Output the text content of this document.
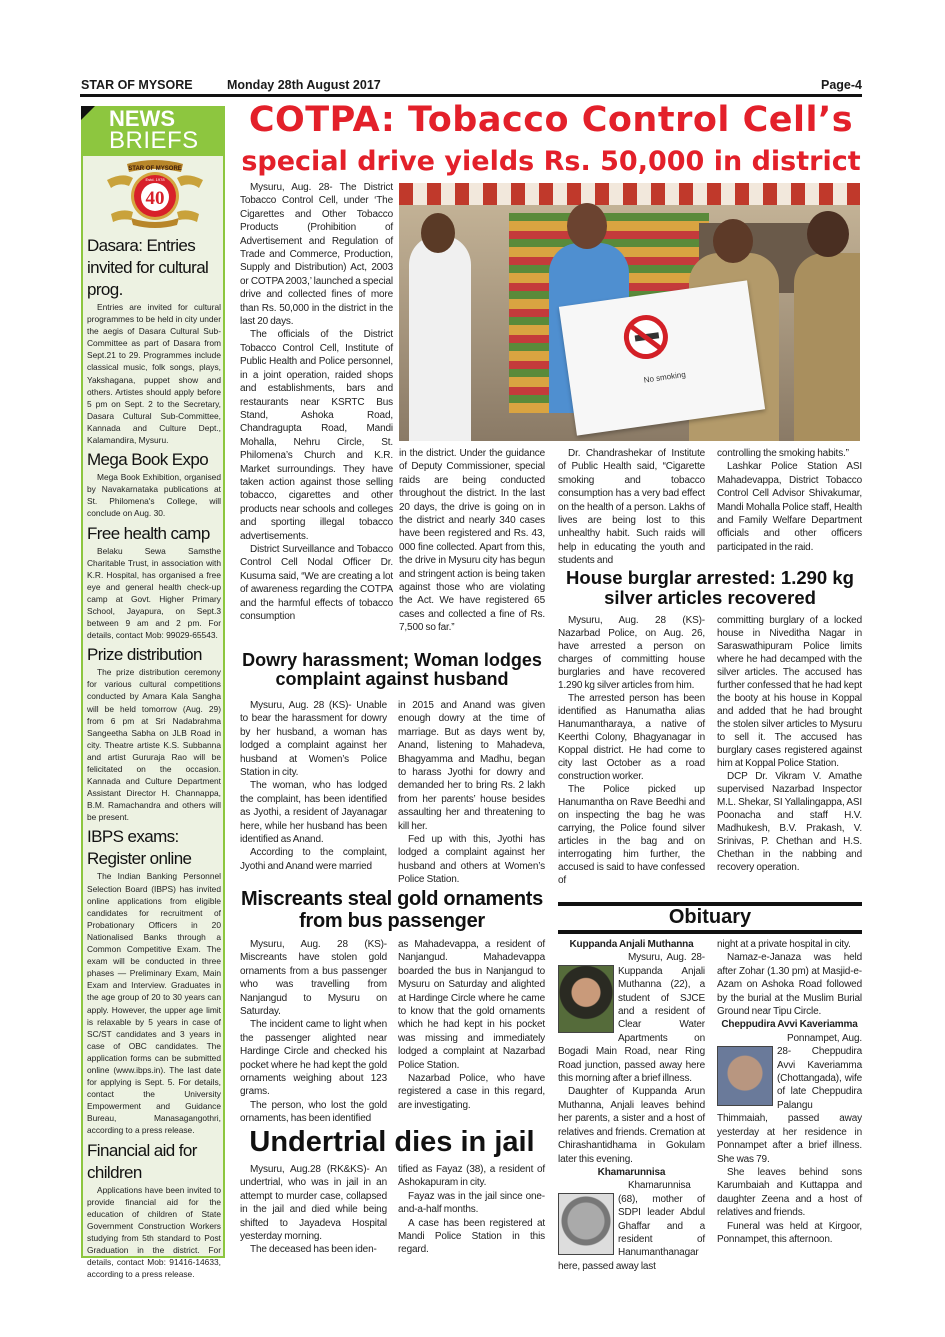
STAR OF MYSORE	Monday 28th August 2017	Page-4
NEWS
BRIEFS
STAR OF MYSORE
40
Estd. 1978
Dasara: Entries invited for cultural prog.

Entries are invited for cultural programmes to be held in city under the aegis of Dasara Cultural Sub-Committee as part of Dasara from Sept.21 to 29. Programmes include classical music, folk songs, plays, Yakshagana, puppet show and others. Artistes should apply before 5 pm on Sept. 2 to the Secretary, Dasara Cultural Sub-Committee, Kannada and Culture Dept., Kalamandira, Mysuru.

Mega Book Expo

Mega Book Exhibition, organised by Navakarnataka publications at St. Philomena's College, will conclude on Aug. 30.

Free health camp

Belaku Sewa Samsthe Charitable Trust, in association with K.R. Hospital, has organised a free eye and general health check-up camp at Govt. Higher Primary School, Jayapura, on Sept.3 between 9 am and 2 pm. For details, contact Mob: 99029-65543.

Prize distribution

The prize distribution ceremony for various cultural competitions conducted by Amara Kala Sangha will be held tomorrow (Aug. 29) from 6 pm at Sri Nadabrahma Sangeetha Sabha on JLB Road in city. Theatre artiste K.S. Subbanna and artist Gururaja Rao will be felicitated on the occasion. Kannada and Culture Department Assistant Director H. Channappa, B.M. Ramachandra and others will be present.

IBPS exams: Register online

The Indian Banking Personnel Selection Board (IBPS) has invited online applications from eligible candidates for recruitment of Probationary Officers in 20 Nationalised Banks through a Common Competitive Exam. The exam will be conducted in three phases — Preliminary Exam, Main Exam and Interview. Graduates in the age group of 20 to 30 years can apply. However, the upper age limit is relaxable by 5 years in case of SC/ST candidates and 3 years in case of OBC candidates. The application forms can be submitted online (www.ibps.in). The last date for applying is Sept. 5. For details, contact the University Empowerment and Guidance Bureau, Manasagangothri, according to a press release.

Financial aid for children

Applications have been invited to provide financial aid for the education of children of State Government Construction Workers studying from 5th standard to Post Graduation in the district. For details, contact Mob: 91416-14633, according to a press release.

COTPA: Tobacco Control Cell’s
special drive yields Rs. 50,000 in district

Mysuru, Aug. 28- The District Tobacco Control Cell, under ‘The Cigarettes and Other Tobacco Products (Prohibition of Advertisement and Regulation of Trade and Commerce, Production, Supply and Distribution) Act, 2003 or COTPA 2003,’ launched a special drive and collected fines of more than Rs. 50,000 in the district in the last 20 days.

The officials of the District Tobacco Control Cell, Institute of Public Health and Police personnel, in a joint operation, raided shops and establishments, bars and restaurants near KSRTC Bus Stand, Ashoka Road, Chandragupta Road, Mandi Mohalla, Nehru Circle, St. Philomena’s Church and K.R. Market surroundings. They have taken action against those selling tobacco, cigarettes and other products near schools and colleges and sporting illegal tobacco advertisements.

District Surveillance and Tobacco Control Cell Nodal Officer Dr. Kusuma said, “We are creating a lot of awareness regarding the COTPA and the harmful effects of tobacco consumption

No smoking

in the district. Under the guidance of Deputy Commissioner, special raids are being conducted throughout the district. In the last 20 days, the drive is going on in the district and nearly 340 cases have been registered and Rs. 43, 000 fine collected. Apart from this, the drive in Mysuru city has begun and stringent action is being taken against those who are violating the Act. We have registered 65 cases and collected a fine of Rs. 7,500 so far.”

Dr. Chandrashekar of Institute of Public Health said, “Cigarette smoking and tobacco consumption has a very bad effect on the health of a person. Lakhs of lives are being lost to this unhealthy habit. Such raids will help in educating the youth and students and

controlling the smoking habits.”

Lashkar Police Station ASI Mahadevappa, District Tobacco Control Cell Advisor Shivakumar, Mandi Mohalla Police staff, Health and Family Welfare Department officials and other officers participated in the raid.

House burglar arrested: 1.290 kg silver articles recovered

Mysuru, Aug. 28 (KS)- Nazarbad Police, on Aug. 26, have arrested a person on charges of committing house burglaries and have recovered 1.290 kg silver articles from him.

The arrested person has been identified as Hanumatha alias Hanumantharaya, a native of Keerthi Colony, Bhagyanagar in Koppal district. He had come to city last October as a road construction worker.

The Police picked up Hanumantha on Rave Beedhi and on inspecting the bag he was carrying, the Police found silver articles in the bag and on interrogating him further, the accused is said to have confessed of

committing burglary of a locked house in Niveditha Nagar in Saraswathipuram Police limits where he had decamped with the silver articles. The accused has further confessed that he had kept the booty at his house in Koppal and added that he had brought the stolen silver articles to Mysuru to sell it. The accused has burglary cases registered against him at Koppal Police Station.

DCP Dr. Vikram V. Amathe supervised Nazarbad Inspector M.L. Shekar, SI Yallalingappa, ASI Poonacha and staff H.V. Madhukesh, B.V. Prakash, V. Srinivas, P. Chethan and H.S. Chethan in the nabbing and recovery operation.

Dowry harassment; Woman lodges complaint against husband

Mysuru, Aug. 28 (KS)- Unable to bear the harassment for dowry by her husband, a woman has lodged a complaint against her husband at Women’s Police Station in city.

The woman, who has lodged the complaint, has been identified as Jyothi, a resident of Jayanagar here, while her husband has been identified as Anand.

According to the complaint, Jyothi and Anand were married

in 2015 and Anand was given enough dowry at the time of marriage. But as days went by, Anand, listening to Mahadeva, Bhagyamma and Madhu, began to harass Jyothi for dowry and demanded her to bring Rs. 2 lakh from her parents’ house besides assaulting her and threatening to kill her.

Fed up with this, Jyothi has lodged a complaint against her husband and others at Women’s Police Station.

Miscreants steal gold ornaments from bus passenger

Mysuru, Aug. 28 (KS)- Miscreants have stolen gold ornaments from a bus passenger who was travelling from Nanjangud to Mysuru on Saturday.

The incident came to light when the passenger alighted near Hardinge Circle and checked his pocket where he had kept the gold ornaments weighing about 123 grams.

The person, who lost the gold ornaments, has been identified

as Mahadevappa, a resident of Nanjangud. Mahadevappa boarded the bus in Nanjangud to Mysuru on Saturday and alighted at Hardinge Circle where he came to know that the gold ornaments which he had kept in his pocket was missing and immediately lodged a complaint at Nazarbad Police Station.

Nazarbad Police, who have registered a case in this regard, are investigating.

Undertrial dies in jail

Mysuru, Aug.28 (RK&KS)- An undertrial, who was in jail in an attempt to murder case, collapsed in the jail and died while being shifted to Jayadeva Hospital yesterday morning.

The deceased has been iden-

tified as Fayaz (38), a resident of Ashokapuram in city.

Fayaz was in the jail since one-and-a-half months.

A case has been registered at Mandi Police Station in this regard.

Obituary

Kuppanda Anjali Muthanna

Mysuru, Aug. 28- Kuppanda Anjali Muthanna (22), a student of SJCE and a resident of Clear Water Apartments on Bogadi Main Road, near Ring Road junction, passed away here this morning after a brief illness.

Daughter of Kuppanda Arun Muthanna, Anjali leaves behind her parents, a sister and a host of relatives and friends. Cremation at Chirashantidhama in Gokulam later this evening.

Khamarunnisa

Khamarunnisa (68), mother of SDPI leader Abdul Ghaffar and a resident of Hanumanthanagar here, passed away last

night at a private hospital in city.

Namaz-e-Janaza was held after Zohar (1.30 pm) at Masjid-e-Azam on Ashoka Road followed by the burial at the Muslim Burial Ground near Tipu Circle.

Cheppudira Avvi Kaveriamma

Ponnampet, Aug. 28- Cheppudira Avvi Kaveriamma (Chottangada), wife of late Cheppudira Palangu Thimmaiah, passed away yesterday at her residence in Ponnampet after a brief illness. She was 79.

She leaves behind sons Karumbaiah and Kuttappa and daughter Zeena and a host of relatives and friends.

Funeral was held at Kirgoor, Ponnampet, this afternoon.
